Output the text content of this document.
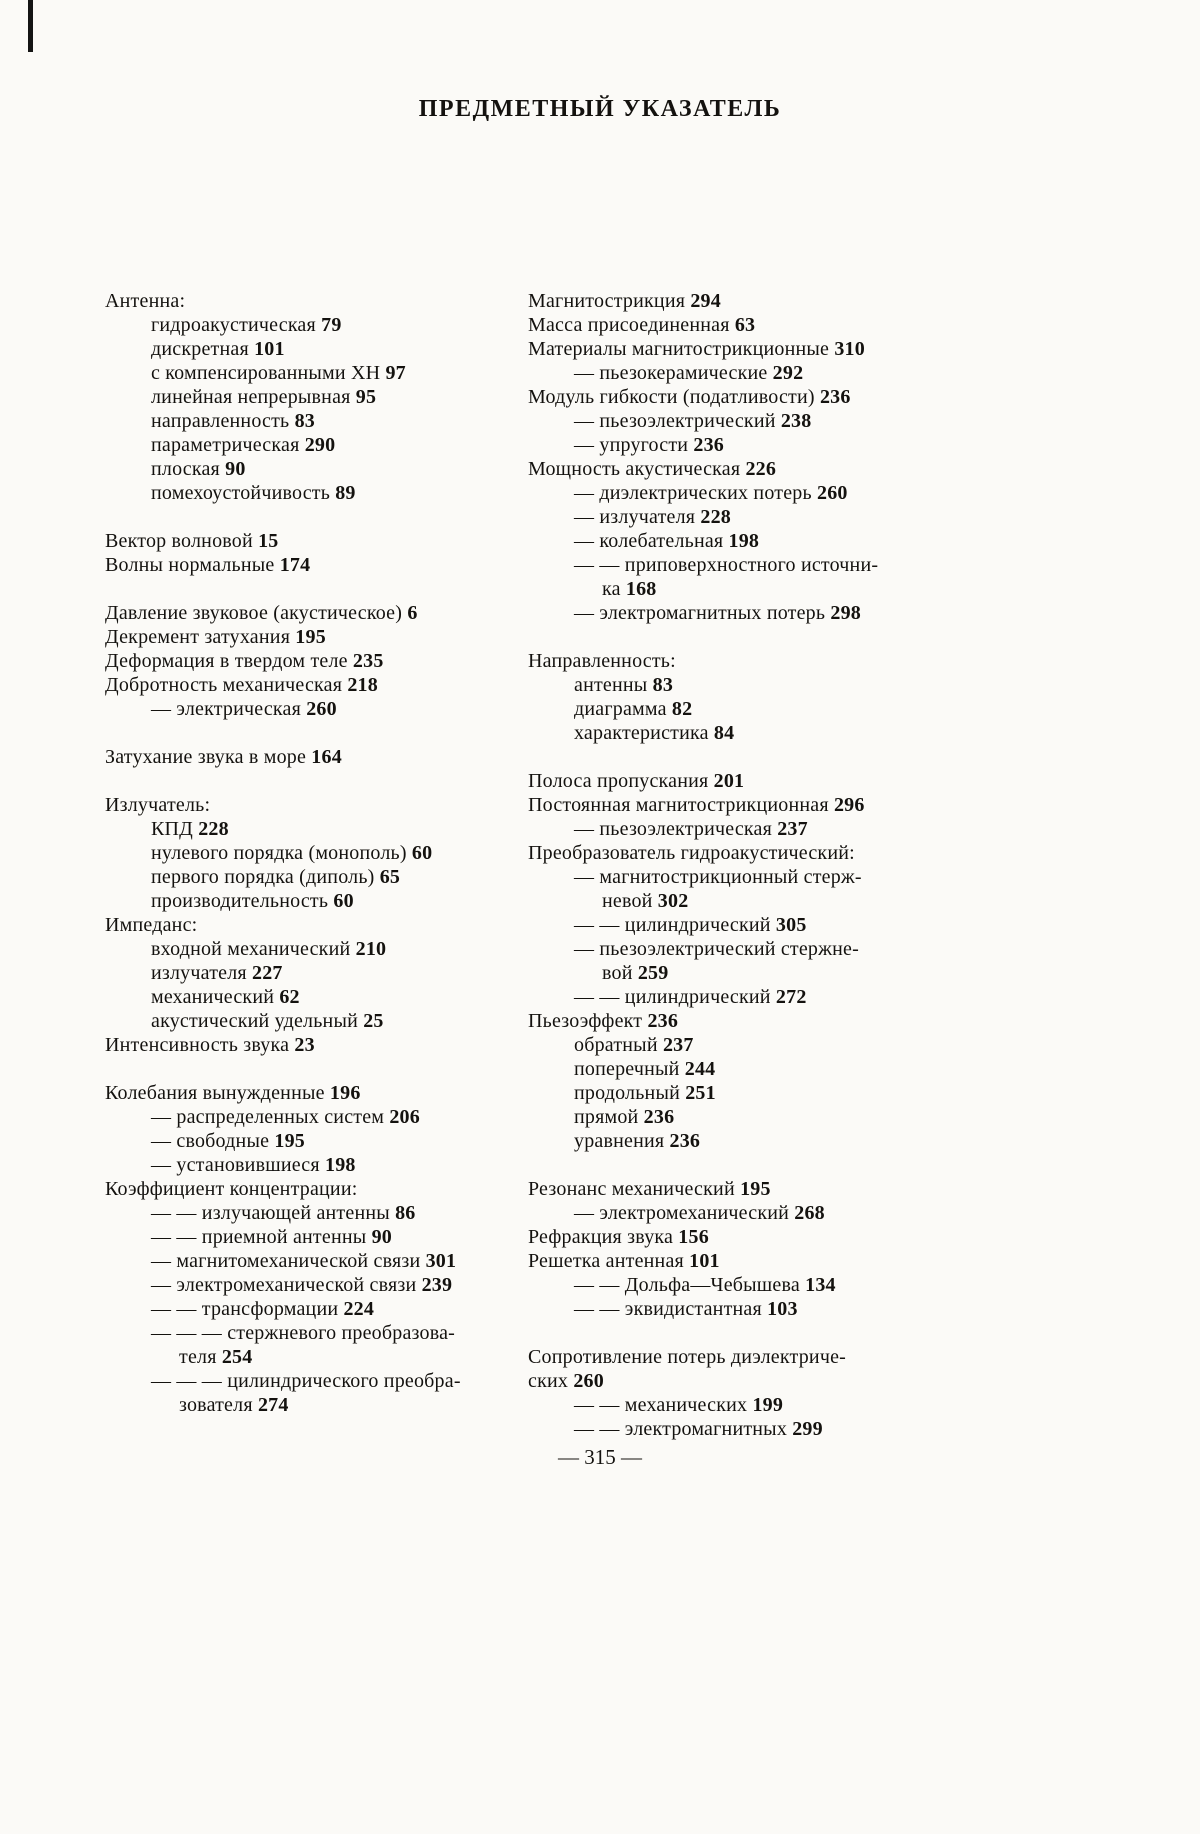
ПРЕДМЕТНЫЙ УКАЗАТЕЛЬ
Антенна:
гидроакустическая 79
дискретная 101
с компенсированными ХН 97
линейная непрерывная 95
направленность 83
параметрическая 290
плоская 90
помехоустойчивость 89
Вектор волновой 15
Волны нормальные 174
Давление звуковое (акустическое) 6
Декремент затухания 195
Деформация в твердом теле 235
Добротность механическая 218
— электрическая 260
Затухание звука в море 164
Излучатель:
КПД 228
нулевого порядка (монополь) 60
первого порядка (диполь) 65
производительность 60
Импеданс:
входной механический 210
излучателя 227
механический 62
акустический удельный 25
Интенсивность звука 23
Колебания вынужденные 196
— распределенных систем 206
— свободные 195
— установившиеся 198
Коэффициент концентрации:
— — излучающей антенны 86
— — приемной антенны 90
— магнитомеханической связи 301
— электромеханической связи 239
— — трансформации 224
— — — стержневого преобразова-
теля 254
— — — цилиндрического преобра-
зователя 274
Магнитострикция 294
Масса присоединенная 63
Материалы магнитострикционные 310
— пьезокерамические 292
Модуль гибкости (податливости) 236
— пьезоэлектрический 238
— упругости 236
Мощность акустическая 226
— диэлектрических потерь 260
— излучателя 228
— колебательная 198
— — приповерхностного источни-
ка 168
— электромагнитных потерь 298
Направленность:
антенны 83
диаграмма 82
характеристика 84
Полоса пропускания 201
Постоянная магнитострикционная 296
— пьезоэлектрическая 237
Преобразователь гидроакустический:
— магнитострикционный стерж-
невой 302
— — цилиндрический 305
— пьезоэлектрический стержне-
вой 259
— — цилиндрический 272
Пьезоэффект 236
обратный 237
поперечный 244
продольный 251
прямой 236
уравнения 236
Резонанс механический 195
— электромеханический 268
Рефракция звука 156
Решетка антенная 101
— — Дольфа—Чебышева 134
— — эквидистантная 103
Сопротивление потерь диэлектриче-
ских 260
— — механических 199
— — электромагнитных 299
— 315 —
